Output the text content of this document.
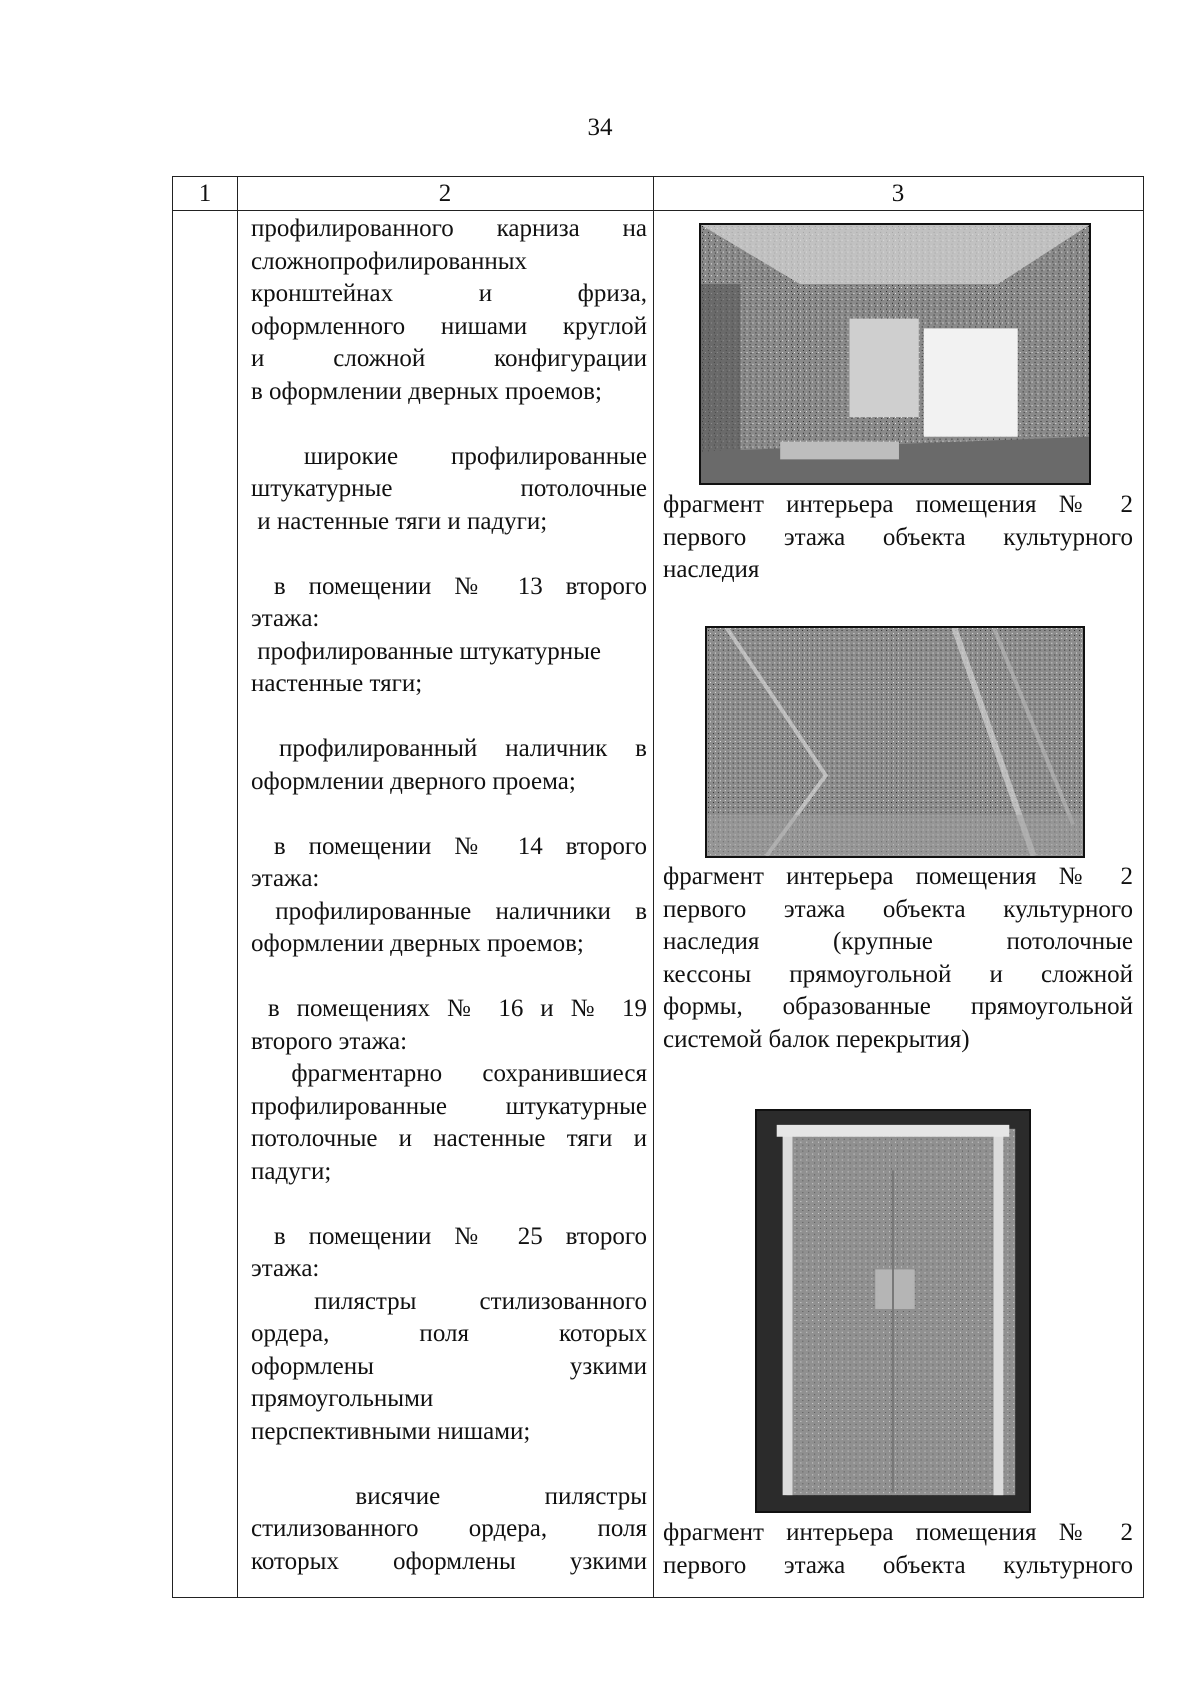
34
1	2	3
профилированного карниза на
сложнопрофилированных
кронштейнах и фриза,
оформленного нишами круглой
и сложной конфигурации
в оформлении дверных проемов;
широкие профилированные
штукатурные потолочные
и настенные тяги и падуги;
в помещении № 13 второго
этажа:
профилированные штукатурные
настенные тяги;
профилированный наличник в
оформлении дверного проема;
в помещении № 14 второго
этажа:
профилированные наличники в
оформлении дверных проемов;
в помещениях № 16 и № 19
второго этажа:
фрагментарно сохранившиеся
профилированные штукатурные
потолочные и настенные тяги и
падуги;
в помещении № 25 второго
этажа:
пилястры стилизованного
ордера, поля которых
оформлены узкими
прямоугольными
перспективными нишами;
висячие пилястры
стилизованного ордера, поля
которых оформлены узкими
фрагмент интерьера помещения № 2
первого этажа объекта культурного
наследия
фрагмент интерьера помещения № 2
первого этажа объекта культурного
наследия (крупные потолочные
кессоны прямоугольной и сложной
формы, образованные прямоугольной
системой балок перекрытия)
фрагмент интерьера помещения № 2
первого этажа объекта культурного
